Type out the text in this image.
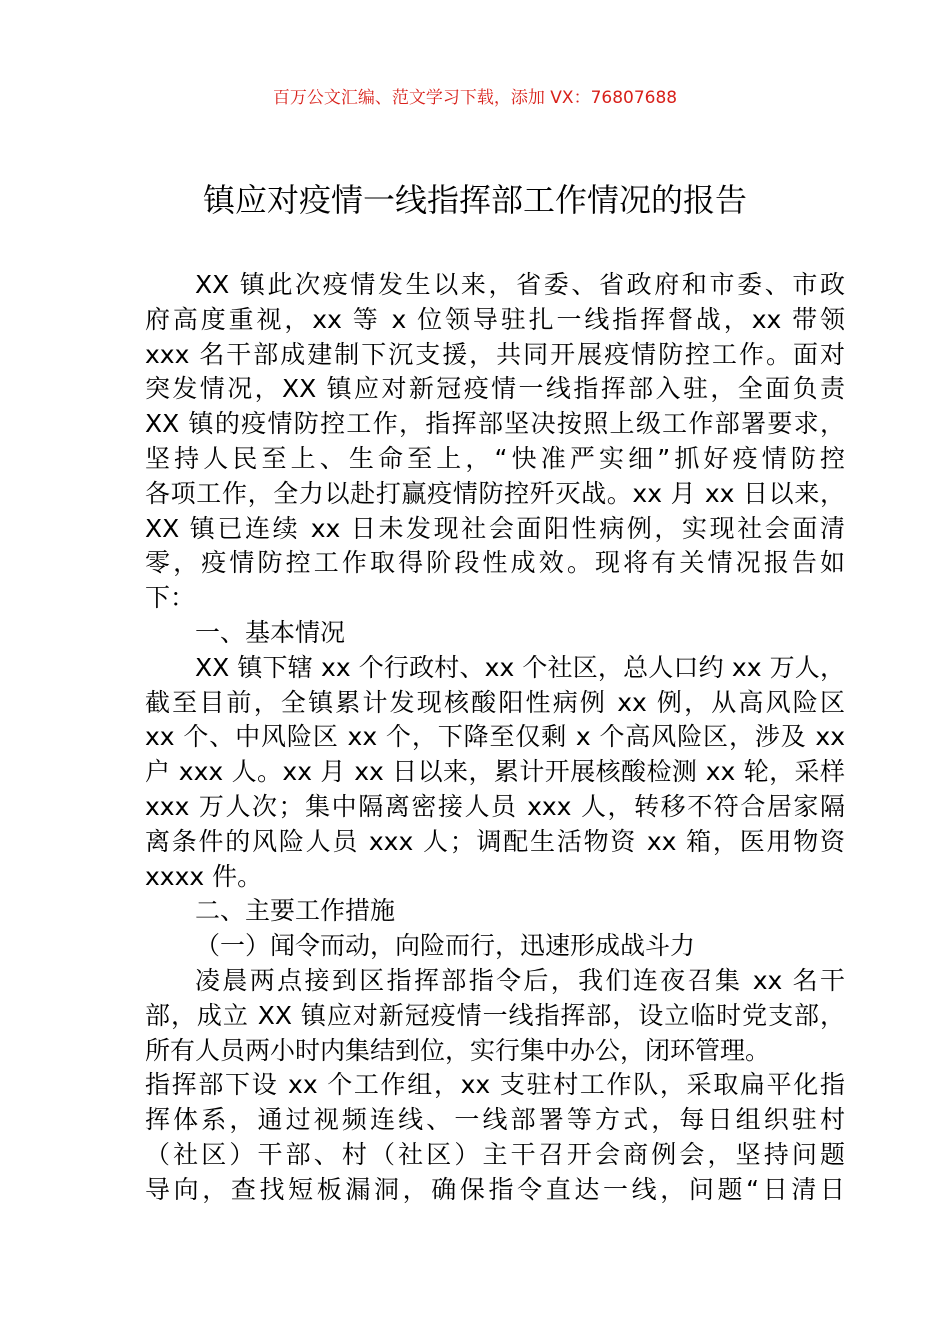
百万公文汇编、范文学习下载，添加 VX：76807688
镇应对疫情一线指挥部工作情况的报告
XX 镇此次疫情发生以来，省委、省政府和市委、市政
府高度重视，xx 等 x 位领导驻扎一线指挥督战，xx 带领
xxx 名干部成建制下沉支援，共同开展疫情防控工作。面对
突发情况，XX 镇应对新冠疫情一线指挥部入驻，全面负责
XX 镇的疫情防控工作，指挥部坚决按照上级工作部署要求，
坚持人民至上、生命至上，“快准严实细”抓好疫情防控
各项工作，全力以赴打赢疫情防控歼灭战。xx 月 xx 日以来，
XX 镇已连续 xx 日未发现社会面阳性病例，实现社会面清
零，疫情防控工作取得阶段性成效。现将有关情况报告如
下：
一、基本情况
XX 镇下辖 xx 个行政村、xx 个社区，总人口约 xx 万人，
截至目前，全镇累计发现核酸阳性病例 xx 例，从高风险区
xx 个、中风险区 xx 个，下降至仅剩 x 个高风险区，涉及 xx
户 xxx 人。xx 月 xx 日以来，累计开展核酸检测 xx 轮，采样
xxx 万人次；集中隔离密接人员 xxx 人，转移不符合居家隔
离条件的风险人员 xxx 人；调配生活物资 xx 箱，医用物资
xxxx 件。
二、主要工作措施
（一）闻令而动，向险而行，迅速形成战斗力
凌晨两点接到区指挥部指令后，我们连夜召集 xx 名干
部，成立 XX 镇应对新冠疫情一线指挥部，设立临时党支部，
所有人员两小时内集结到位，实行集中办公，闭环管理。
指挥部下设 xx 个工作组，xx 支驻村工作队，采取扁平化指
挥体系，通过视频连线、一线部署等方式，每日组织驻村
（社区）干部、村（社区）主干召开会商例会，坚持问题
导向，查找短板漏洞，确保指令直达一线，问题“日清日
